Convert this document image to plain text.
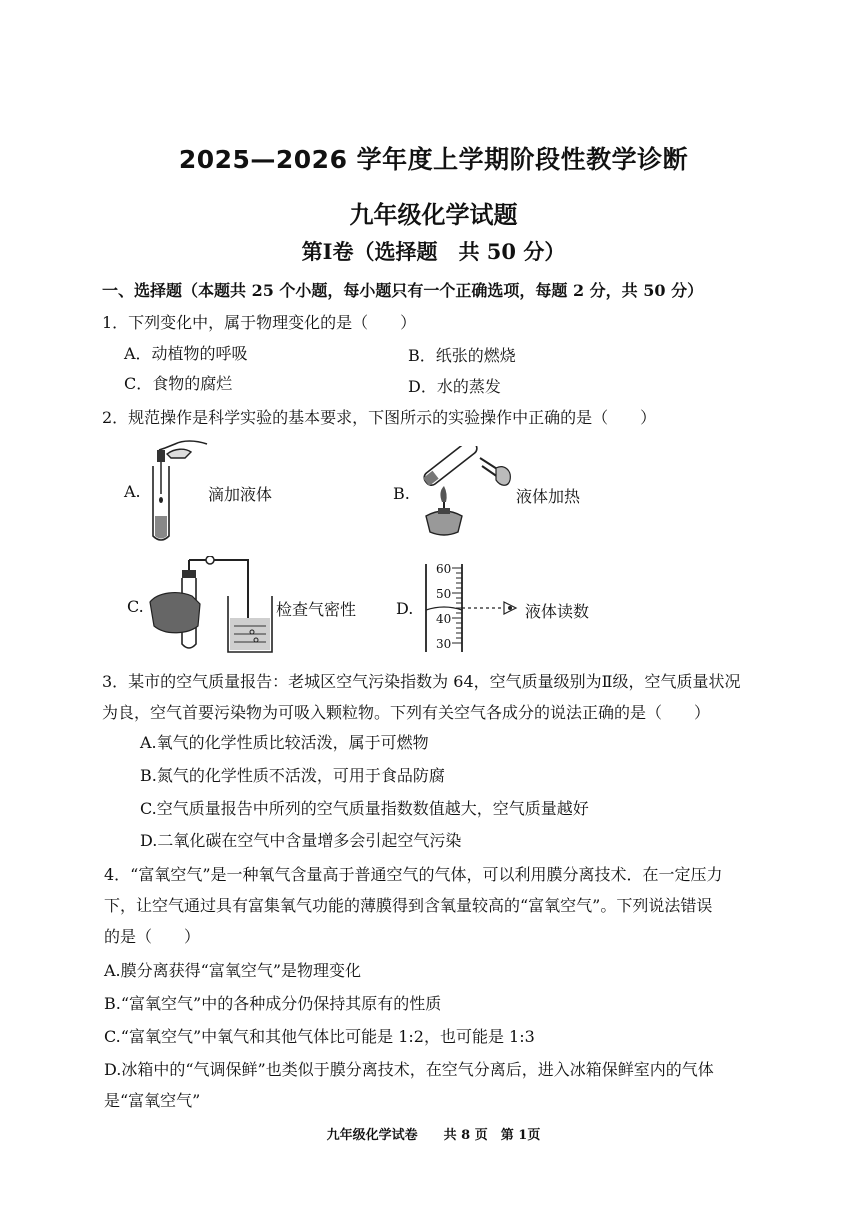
2025—2026 学年度上学期阶段性教学诊断
九年级化学试题
第Ⅰ卷（选择题　共 50 分）
一、选择题（本题共 25 个小题，每小题只有一个正确选项，每题 2 分，共 50 分）
1．下列变化中，属于物理变化的是（　　）
A．动植物的呼吸	B．纸张的燃烧
C．食物的腐烂	D．水的蒸发
2．规范操作是科学实验的基本要求，下图所示的实验操作中正确的是（　　）
A.	滴加液体	B.	液体加热
C.	检查气密性 D.
60
50
40
30
液体读数
3．某市的空气质量报告：老城区空气污染指数为 64，空气质量级别为Ⅱ级，空气质量状况
为良，空气首要污染物为可吸入颗粒物。下列有关空气各成分的说法正确的是（　　）
A.氧气的化学性质比较活泼，属于可燃物
B.氮气的化学性质不活泼，可用于食品防腐
C.空气质量报告中所列的空气质量指数数值越大，空气质量越好
D.二氧化碳在空气中含量增多会引起空气污染
4．“富氧空气”是一种氧气含量高于普通空气的气体，可以利用膜分离技术．在一定压力
下，让空气通过具有富集氧气功能的薄膜得到含氧量较高的“富氧空气”。下列说法错误
的是（　　）
A.膜分离获得“富氧空气”是物理变化
B.“富氧空气”中的各种成分仍保持其原有的性质
C.“富氧空气”中氧气和其他气体比可能是 1:2，也可能是 1:3
D.冰箱中的“气调保鲜”也类似于膜分离技术，在空气分离后，进入冰箱保鲜室内的气体
是“富氧空气”
九年级化学试卷　　共 8 页　第 1页
